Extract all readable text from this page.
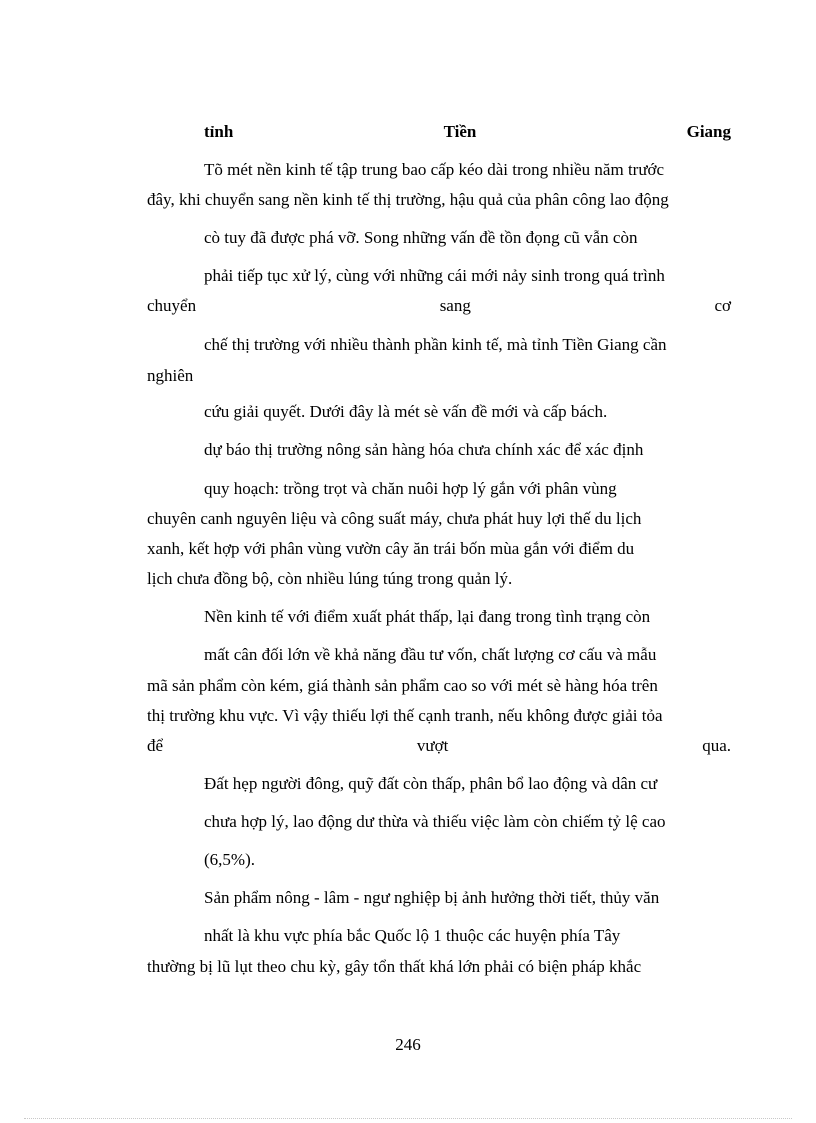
tỉnh	Tiền	Giang
Tõ mét nền kinh tế tập trung bao cấp kéo dài trong nhiều năm trước
đây, khi chuyển sang nền kinh tế thị trường, hậu quả của phân công lao động
cò tuy đã được phá vỡ. Song những vấn đề tồn đọng cũ vẫn còn
phải tiếp tục xử lý, cùng với những cái mới nảy sinh trong quá trình
chuyển	sang	cơ
chế thị trường với nhiều thành phần kinh tế, mà tỉnh Tiền Giang cần
nghiên
cứu giải quyết. Dưới đây là mét sè vấn đề mới và cấp bách.
dự báo thị trường nông sản hàng hóa chưa chính xác để xác định
quy hoạch: trồng trọt và chăn nuôi hợp lý gắn với phân vùng
chuyên canh nguyên liệu và công suất máy, chưa phát huy lợi thế du lịch
xanh, kết hợp với phân vùng vườn cây ăn trái bốn mùa gắn với điểm du
lịch chưa đồng bộ, còn nhiều lúng túng trong quản lý.
Nền kinh tế với điểm xuất phát thấp, lại đang trong tình trạng còn
mất cân đối lớn về khả năng đầu tư vốn, chất lượng cơ cấu và mẫu
mã sản phẩm còn kém, giá thành sản phẩm cao so với mét sè hàng hóa trên
thị trường khu vực. Vì vậy thiếu lợi thế cạnh tranh, nếu không được giải tỏa
để	vượt	qua.
Đất hẹp người đông, quỹ đất còn thấp, phân bổ lao động và dân cư
chưa hợp lý, lao động dư thừa và thiếu việc làm còn chiếm tỷ lệ cao
(6,5%).
Sản phẩm nông - lâm - ngư nghiệp bị ảnh hưởng thời tiết, thủy văn
nhất là khu vực phía bắc Quốc lộ 1 thuộc các huyện phía Tây
thường bị lũ lụt theo chu kỳ, gây tổn thất khá lớn phải có biện pháp khắc
246
